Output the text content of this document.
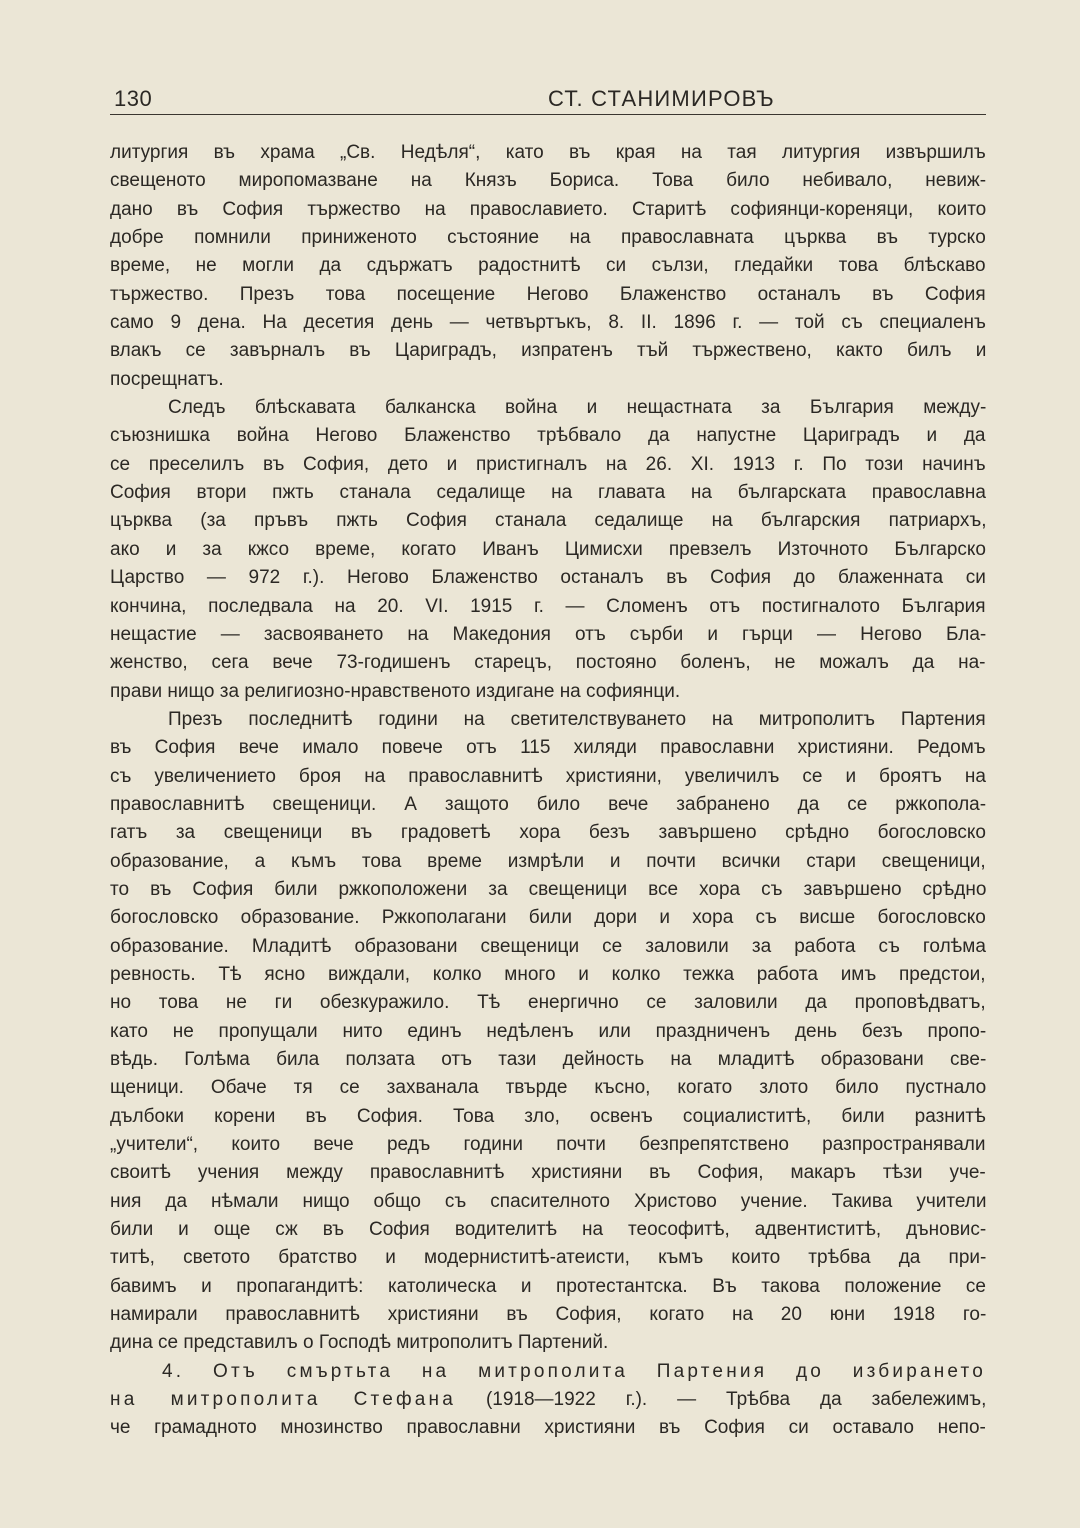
130	СТ. СТАНИМИРОВЪ
литургия въ храма „Св. Недѣля“, като въ края на тая литургия извършилъ
свещеното миропомазване на Князъ Бориса. Това било небивало, невиж-
дано въ София тържество на православието. Старитѣ софиянци-кореняци, които
добре помнили приниженото състояние на православната църква въ турско
време, не могли да сдържатъ радостнитѣ си сълзи, гледайки това блѣскаво
тържество. Презъ това посещение Негово Блаженство останалъ въ София
само 9 дена. На десетия день — четвъртъкъ, 8. II. 1896 г. — той съ специаленъ
влакъ се завърналъ въ Цариградъ, изпратенъ тъй тържествено, както билъ и
посрещнатъ.
Следъ блѣскавата балканска война и нещастната за България между-
съюзнишка война Негово Блаженство трѣбвало да напустне Цариградъ и да
се преселилъ въ София, дето и пристигналъ на 26. XI. 1913 г. По този начинъ
София втори пжть станала седалище на главата на българската православна
църква (за пръвъ пжть София станала седалище на българския патриархъ,
ако и за кжсо време, когато Иванъ Цимисхи превзелъ Източното Българско
Царство — 972 г.). Негово Блаженство останалъ въ София до блаженната си
кончина, последвала на 20. VI. 1915 г. — Сломенъ отъ постигналото България
нещастие — засвояването на Македония отъ сърби и гърци — Негово Бла-
женство, сега вече 73-годишенъ старецъ, постояно боленъ, не можалъ да на-
прави нищо за религиозно-нравственото издигане на софиянци.
Презъ последнитѣ години на светителствуването на митрополитъ Партения
въ София вече имало повече отъ 115 хиляди православни християни. Редомъ
съ увеличението броя на православнитѣ християни, увеличилъ се и броятъ на
православнитѣ свещеници. А защото било вече забранено да се ржкопола-
гатъ за свещеници въ градоветѣ хора безъ завършено срѣдно богословско
образование, а къмъ това време измрѣли и почти всички стари свещеници,
то въ София били ржкоположени за свещеници все хора съ завършено срѣдно
богословско образование. Ржкополагани били дори и хора съ висше богословско
образование. Младитѣ образовани свещеници се заловили за работа съ голѣма
ревность. Тѣ ясно виждали, колко много и колко тежка работа имъ предстои,
но това не ги обезкуражило. Тѣ енергично се заловили да проповѣдватъ,
като не пропущали нито единъ недѣленъ или праздниченъ день безъ пропо-
вѣдь. Голѣма била ползата отъ тази дейность на младитѣ образовани све-
щеници. Обаче тя се захванала твърде късно, когато злото било пустнало
дълбоки корени въ София. Това зло, освенъ социалиститѣ, били разнитѣ
„учители“, които вече редъ години почти безпрепятствено разпространявали
своитѣ учения между православнитѣ християни въ София, макаръ тѣзи уче-
ния да нѣмали нищо общо съ спасителното Христово учение. Такива учители
били и още сж въ София водителитѣ на теософитѣ, адвентиститѣ, дъновис-
титѣ, светото братство и модерниститѣ-атеисти, къмъ които трѣбва да при-
бавимъ и пропагандитѣ: католическа и протестантска. Въ такова положение се
намирали православнитѣ християни въ София, когато на 20 юни 1918 го-
дина се представилъ о Господѣ митрополитъ Партений.
4. Отъ смъртьта на митрополита Партения до избирането
на митрополита Стефана (1918—1922 г.). — Трѣбва да забележимъ,
че грамадното мнозинство православни християни въ София си оставало непо-
